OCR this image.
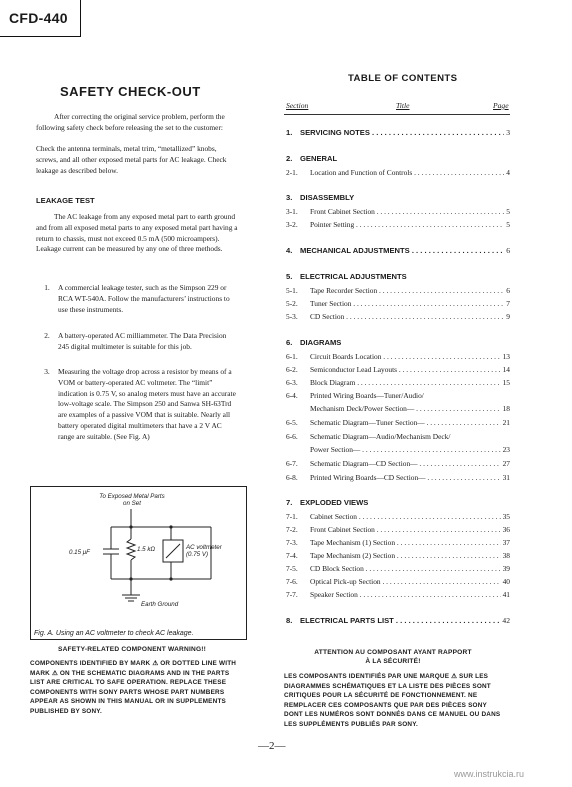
CFD-440
SAFETY CHECK-OUT

After correcting the original service problem, perform the following safety check before releasing the set to the customer:

Check the antenna terminals, metal trim, “metallized” knobs, screws, and all other exposed metal parts for AC leakage. Check leakage as described below.

LEAKAGE TEST

The AC leakage from any exposed metal part to earth ground and from all exposed metal parts to any exposed metal part having a return to chassis, must not exceed 0.5 mA (500 microampers). Leakage current can be measured by any one of three methods.

1.	A commercial leakage tester, such as the Simpson 229 or RCA WT-540A. Follow the manufacturers’ instructions to use these instruments.
2.	A battery-operated AC milliammeter. The Data Precision 245 digital multimeter is suitable for this job.
3.	Measuring the voltage drop across a resistor by means of a VOM or battery-operated AC voltmeter. The “limit” indication is 0.75 V, so analog meters must have an accurate low-voltage scale. The Simpson 250 and Sanwa SH-63Trd are examples of a passive VOM that is suitable. Nearly all battery operated digital multimeters that have a 2 V AC range are suitable. (See Fig. A)
To Exposed Metal Parts on Set
0.15 μF	1.5 kΩ	AC voltmeter (0.75 V)
Earth Ground
Fig. A. Using an AC voltmeter to check AC leakage.
SAFETY-RELATED COMPONENT WARNING!!
COMPONENTS IDENTIFIED BY MARK ⚠ OR DOTTED LINE WITH MARK ⚠ ON THE SCHEMATIC DIAGRAMS AND IN THE PARTS LIST ARE CRITICAL TO SAFE OPERATION. REPLACE THESE COMPONENTS WITH SONY PARTS WHOSE PART NUMBERS APPEAR AS SHOWN IN THIS MANUAL OR IN SUPPLEMENTS PUBLISHED BY SONY.
TABLE OF CONTENTS
Section	Title	Page
1.	SERVICING NOTES . . .	3
2.	GENERAL
2-1.	Location and Function of Controls . . .	4
3.	DISASSEMBLY
3-1.	Front Cabinet Section . . .	5
3-2.	Pointer Setting . . .	5
4.	MECHANICAL ADJUSTMENTS . . .	6
5.	ELECTRICAL ADJUSTMENTS
5-1.	Tape Recorder Section . . .	6
5-2.	Tuner Section . . .	7
5-3.	CD Section . . .	9
6.	DIAGRAMS
6-1.	Circuit Boards Location . . .	13
6-2.	Semiconductor Lead Layouts . . .	14
6-3.	Block Diagram . . .	15
6-4.	Printed Wiring Boards—Tuner/Audio/
Mechanism Deck/Power Section— . . .	18
6-5.	Schematic Diagram—Tuner Section— . . .	21
6-6.	Schematic Diagram—Audio/Mechanism Deck/
Power Section— . . .	23
6-7.	Schematic Diagram—CD Section— . . .	27
6-8.	Printed Wiring Boards—CD Section— . . .	31
7.	EXPLODED VIEWS
7-1.	Cabinet Section . . .	35
7-2.	Front Cabinet Section . . .	36
7-3.	Tape Mechanism (1) Section . . .	37
7-4.	Tape Mechanism (2) Section . . .	38
7-5.	CD Block Section . . .	39
7-6.	Optical Pick-up Section . . .	40
7-7.	Speaker Section . . .	41
8.	ELECTRICAL PARTS LIST . . .	42
ATTENTION AU COMPOSANT AYANT RAPPORT
À LA SÉCURITÉ!
LES COMPOSANTS IDENTIFIÉS PAR UNE MARQUE ⚠ SUR LES DIAGRAMMES SCHÉMATIQUES ET LA LISTE DES PIÈCES SONT CRITIQUES POUR LA SÉCURITÉ DE FONCTIONNEMENT. NE REMPLACER CES COMPOSANTS QUE PAR DES PIÈCES SONY DONT LES NUMÉROS SONT DONNÉS DANS CE MANUEL OU DANS LES SUPPLÉMENTS PUBLIÉS PAR SONY.
—2—
www.instrukcia.ru
